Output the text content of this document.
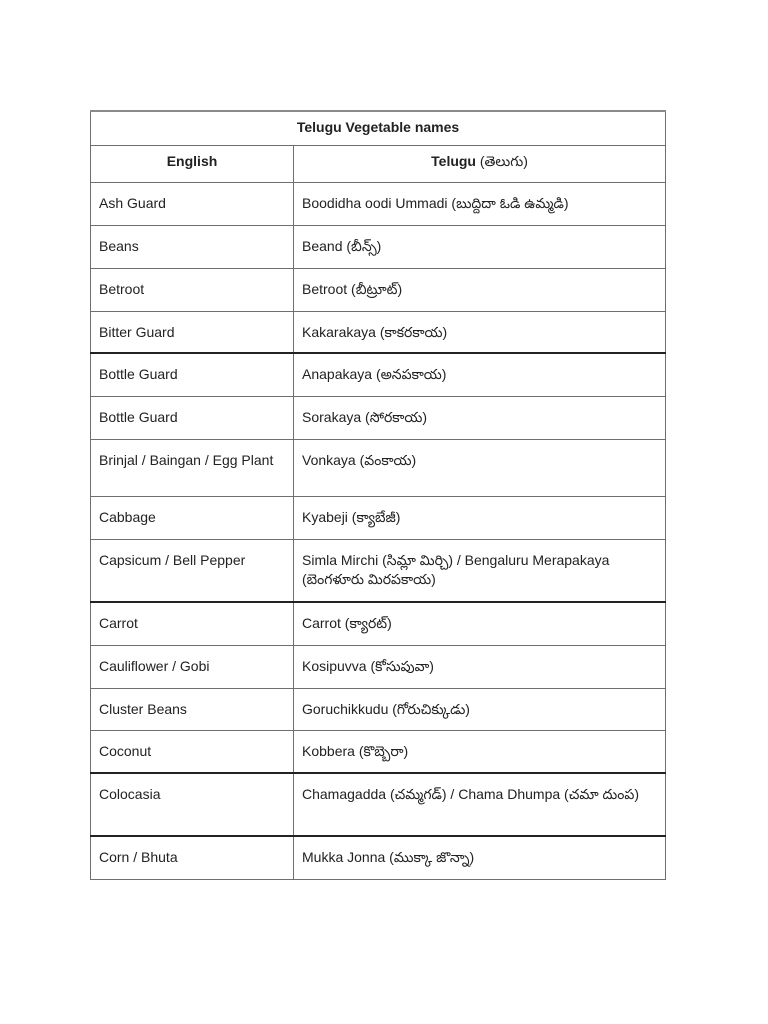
Telugu Vegetable names	
English	Telugu (తెలుగు)
Ash Guard	Boodidha oodi Ummadi (బుద్దిదా ఓడి ఉమ్మడి)
Beans	Beand (బీన్స్)
Betroot	Betroot (బీట్రూట్)
Bitter Guard	Kakarakaya (కాకరకాయ)
Bottle Guard	Anapakaya (అనపకాయ)
Bottle Guard	Sorakaya (సోరకాయ)
Brinjal / Baingan / Egg Plant	Vonkaya (వంకాయ)
Cabbage	Kyabeji (క్యాబేజీ)
Capsicum / Bell Pepper	Simla Mirchi (సిమ్లా మిర్చి) / Bengaluru Merapakaya (బెంగళూరు మిరపకాయ)
Carrot	Carrot (క్యారట్)
Cauliflower / Gobi	Kosipuvva (కోసుపువా)
Cluster Beans	Goruchikkudu (గోరుచిక్కుడు)
Coconut	Kobbera (కొబ్బెరా)
Colocasia	Chamagadda (చమ్మగడ్) / Chama Dhumpa (చమా దుంప)
Corn / Bhuta	Mukka Jonna (ముక్కా జొన్నా)
